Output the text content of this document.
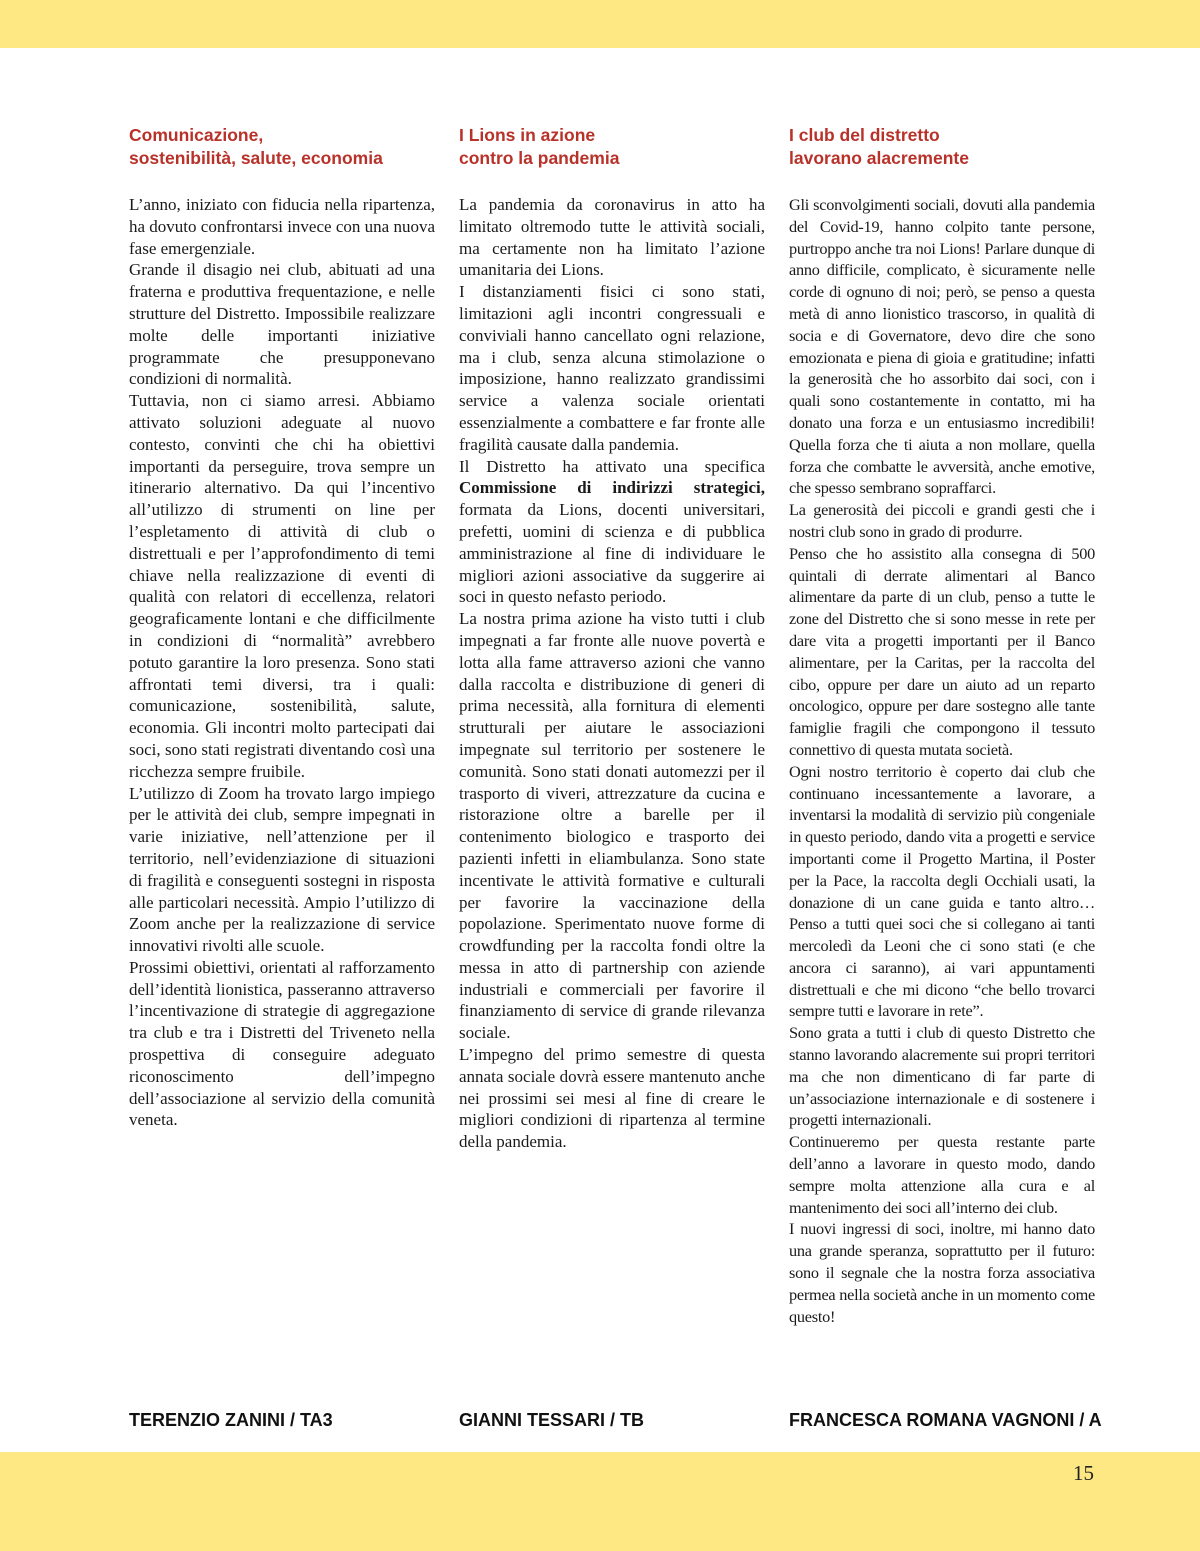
Comunicazione,
sostenibilità, salute, economia

L’anno, iniziato con fiducia nella ripartenza, ha dovuto confrontarsi invece con una nuova fase emergenziale.

Grande il disagio nei club, abituati ad una fraterna e produttiva frequentazione, e nelle strutture del Distretto. Impossibile realizzare molte delle importanti iniziative programmate che presupponevano condizioni di normalità.

Tuttavia, non ci siamo arresi. Abbiamo attivato soluzioni adeguate al nuovo contesto, convinti che chi ha obiettivi importanti da perseguire, trova sempre un itinerario alternativo. Da qui l’incentivo all’utilizzo di strumenti on line per l’espletamento di attività di club o distrettuali e per l’approfondimento di temi chiave nella realizzazione di eventi di qualità con relatori di eccellenza, relatori geograficamente lontani e che difficilmente in condizioni di “normalità” avrebbero potuto garantire la loro presenza. Sono stati affrontati temi diversi, tra i quali: comunicazione, sostenibilità, salute, economia. Gli incontri molto partecipati dai soci, sono stati registrati diventando così una ricchezza sempre fruibile.

L’utilizzo di Zoom ha trovato largo impiego per le attività dei club, sempre impegnati in varie iniziative, nell’attenzione per il territorio, nell’evidenziazione di situazioni di fragilità e conseguenti sostegni in risposta alle particolari necessità. Ampio l’utilizzo di Zoom anche per la realizzazione di service innovativi rivolti alle scuole.

Prossimi obiettivi, orientati al rafforzamento dell’identità lionistica, passeranno attraverso l’incentivazione di strategie di aggregazione tra club e tra i Distretti del Triveneto nella prospettiva di conseguire adeguato riconoscimento dell’impegno dell’associazione al servizio della comunità veneta.

I Lions in azione
contro la pandemia

La pandemia da coronavirus in atto ha limitato oltremodo tutte le attività sociali, ma certamente non ha limitato l’azione umanitaria dei Lions.

I distanziamenti fisici ci sono stati, limitazioni agli incontri congressuali e conviviali hanno cancellato ogni relazione, ma i club, senza alcuna stimolazione o imposizione, hanno realizzato grandissimi service a valenza sociale orientati essenzialmente a combattere e far fronte alle fragilità causate dalla pandemia.

Il Distretto ha attivato una specifica Commissione di indirizzi strategici, formata da Lions, docenti universitari, prefetti, uomini di scienza e di pubblica amministrazione al fine di individuare le migliori azioni associative da suggerire ai soci in questo nefasto periodo.

La nostra prima azione ha visto tutti i club impegnati a far fronte alle nuove povertà e lotta alla fame attraverso azioni che vanno dalla raccolta e distribuzione di generi di prima necessità, alla fornitura di elementi strutturali per aiutare le associazioni impegnate sul territorio per sostenere le comunità. Sono stati donati automezzi per il trasporto di viveri, attrezzature da cucina e ristorazione oltre a barelle per il contenimento biologico e trasporto dei pazienti infetti in eliambulanza. Sono state incentivate le attività formative e culturali per favorire la vaccinazione della popolazione. Sperimentato nuove forme di crowdfunding per la raccolta fondi oltre la messa in atto di partnership con aziende industriali e commerciali per favorire il finanziamento di service di grande rilevanza sociale.

L’impegno del primo semestre di questa annata sociale dovrà essere mantenuto anche nei prossimi sei mesi al fine di creare le migliori condizioni di ripartenza al termine della pandemia.

I club del distretto
lavorano alacremente

Gli sconvolgimenti sociali, dovuti alla pandemia del Covid-19, hanno colpito tante persone, purtroppo anche tra noi Lions! Parlare dunque di anno difficile, complicato, è sicuramente nelle corde di ognuno di noi; però, se penso a questa metà di anno lionistico trascorso, in qualità di socia e di Governatore, devo dire che sono emozionata e piena di gioia e gratitudine; infatti la generosità che ho assorbito dai soci, con i quali sono costantemente in contatto, mi ha donato una forza e un entusiasmo incredibili! Quella forza che ti aiuta a non mollare, quella forza che combatte le avversità, anche emotive, che spesso sembrano sopraffarci.

La generosità dei piccoli e grandi gesti che i nostri club sono in grado di produrre.

Penso che ho assistito alla consegna di 500 quintali di derrate alimentari al Banco alimentare da parte di un club, penso a tutte le zone del Distretto che si sono messe in rete per dare vita a progetti importanti per il Banco alimentare, per la Caritas, per la raccolta del cibo, oppure per dare un aiuto ad un reparto oncologico, oppure per dare sostegno alle tante famiglie fragili che compongono il tessuto connettivo di questa mutata società.

Ogni nostro territorio è coperto dai club che continuano incessantemente a lavorare, a inventarsi la modalità di servizio più congeniale in questo periodo, dando vita a progetti e service importanti come il Progetto Martina, il Poster per la Pace, la raccolta degli Occhiali usati, la donazione di un cane guida e tanto altro… Penso a tutti quei soci che si collegano ai tanti mercoledì da Leoni che ci sono stati (e che ancora ci saranno), ai vari appuntamenti distrettuali e che mi dicono “che bello trovarci sempre tutti e lavorare in rete”.

Sono grata a tutti i club di questo Distretto che stanno lavorando alacremente sui propri territori ma che non dimenticano di far parte di un’associazione internazionale e di sostenere i progetti internazionali.

Continueremo per questa restante parte dell’anno a lavorare in questo modo, dando sempre molta attenzione alla cura e al mantenimento dei soci all’interno dei club.

I nuovi ingressi di soci, inoltre, mi hanno dato una grande speranza, soprattutto per il futuro: sono il segnale che la nostra forza associativa permea nella società anche in un momento come questo!

TERENZIO ZANINI / TA3	GIANNI TESSARI / TB	FRANCESCA ROMANA VAGNONI / A
15
